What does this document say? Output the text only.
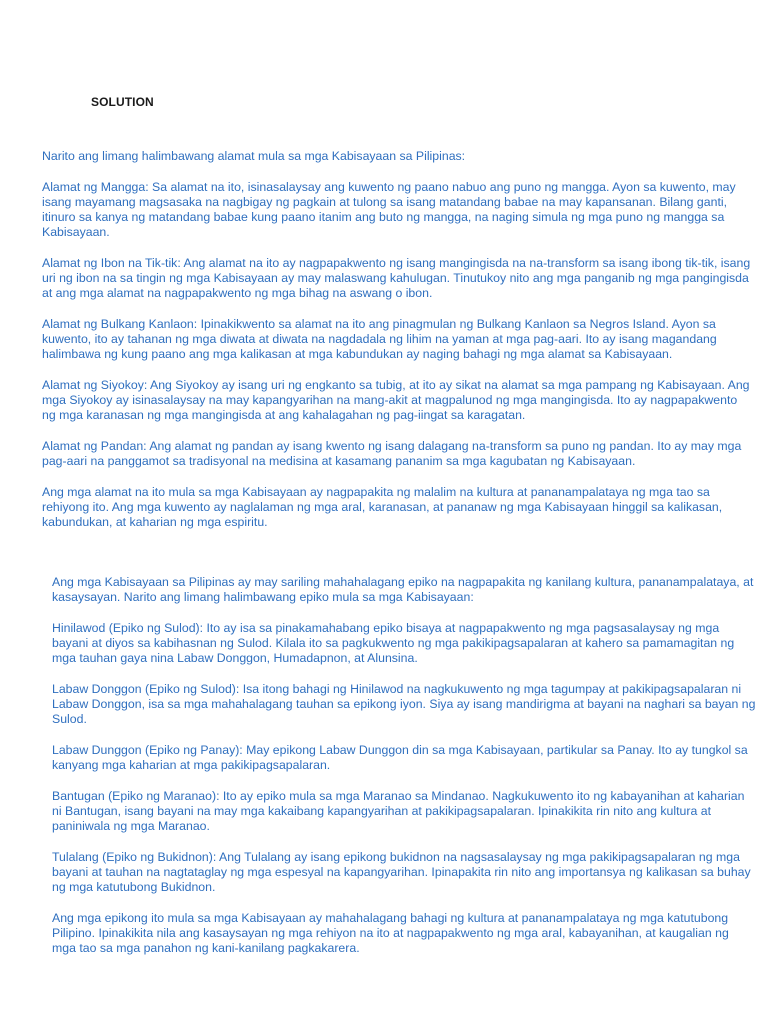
SOLUTION

Narito ang limang halimbawang alamat mula sa mga Kabisayaan sa Pilipinas:

Alamat ng Mangga: Sa alamat na ito, isinasalaysay ang kuwento ng paano nabuo ang puno ng mangga. Ayon sa kuwento, may isang mayamang magsasaka na nagbigay ng pagkain at tulong sa isang matandang babae na may kapansanan. Bilang ganti, itinuro sa kanya ng matandang babae kung paano itanim ang buto ng mangga, na naging simula ng mga puno ng mangga sa Kabisayaan.

Alamat ng Ibon na Tik-tik: Ang alamat na ito ay nagpapakwento ng isang mangingisda na na-transform sa isang ibong tik-tik, isang uri ng ibon na sa tingin ng mga Kabisayaan ay may malaswang kahulugan. Tinutukoy nito ang mga panganib ng mga pangingisda at ang mga alamat na nagpapakwento ng mga bihag na aswang o ibon.

Alamat ng Bulkang Kanlaon: Ipinakikwento sa alamat na ito ang pinagmulan ng Bulkang Kanlaon sa Negros Island. Ayon sa kuwento, ito ay tahanan ng mga diwata at diwata na nagdadala ng lihim na yaman at mga pag-aari. Ito ay isang magandang halimbawa ng kung paano ang mga kalikasan at mga kabundukan ay naging bahagi ng mga alamat sa Kabisayaan.

Alamat ng Siyokoy: Ang Siyokoy ay isang uri ng engkanto sa tubig, at ito ay sikat na alamat sa mga pampang ng Kabisayaan. Ang mga Siyokoy ay isinasalaysay na may kapangyarihan na mang-akit at magpalunod ng mga mangingisda. Ito ay nagpapakwento ng mga karanasan ng mga mangingisda at ang kahalagahan ng pag-iingat sa karagatan.

Alamat ng Pandan: Ang alamat ng pandan ay isang kwento ng isang dalagang na-transform sa puno ng pandan. Ito ay may mga pag-aari na panggamot sa tradisyonal na medisina at kasamang pananim sa mga kagubatan ng Kabisayaan.

Ang mga alamat na ito mula sa mga Kabisayaan ay nagpapakita ng malalim na kultura at pananampalataya ng mga tao sa rehiyong ito. Ang mga kuwento ay naglalaman ng mga aral, karanasan, at pananaw ng mga Kabisayaan hinggil sa kalikasan, kabundukan, at kaharian ng mga espiritu.

Ang mga Kabisayaan sa Pilipinas ay may sariling mahahalagang epiko na nagpapakita ng kanilang kultura, pananampalataya, at kasaysayan. Narito ang limang halimbawang epiko mula sa mga Kabisayaan:

Hinilawod (Epiko ng Sulod): Ito ay isa sa pinakamahabang epiko bisaya at nagpapakwento ng mga pagsasalaysay ng mga bayani at diyos sa kabihasnan ng Sulod. Kilala ito sa pagkukwento ng mga pakikipagsapalaran at kahero sa pamamagitan ng mga tauhan gaya nina Labaw Donggon, Humadapnon, at Alunsina.

Labaw Donggon (Epiko ng Sulod): Isa itong bahagi ng Hinilawod na nagkukuwento ng mga tagumpay at pakikipagsapalaran ni Labaw Donggon, isa sa mga mahahalagang tauhan sa epikong iyon. Siya ay isang mandirigma at bayani na naghari sa bayan ng Sulod.

Labaw Dunggon (Epiko ng Panay): May epikong Labaw Dunggon din sa mga Kabisayaan, partikular sa Panay. Ito ay tungkol sa kanyang mga kaharian at mga pakikipagsapalaran.

Bantugan (Epiko ng Maranao): Ito ay epiko mula sa mga Maranao sa Mindanao. Nagkukuwento ito ng kabayanihan at kaharian ni Bantugan, isang bayani na may mga kakaibang kapangyarihan at pakikipagsapalaran. Ipinakikita rin nito ang kultura at paniniwala ng mga Maranao.

Tulalang (Epiko ng Bukidnon): Ang Tulalang ay isang epikong bukidnon na nagsasalaysay ng mga pakikipagsapalaran ng mga bayani at tauhan na nagtataglay ng mga espesyal na kapangyarihan. Ipinapakita rin nito ang importansya ng kalikasan sa buhay ng mga katutubong Bukidnon.

Ang mga epikong ito mula sa mga Kabisayaan ay mahahalagang bahagi ng kultura at pananampalataya ng mga katutubong Pilipino. Ipinakikita nila ang kasaysayan ng mga rehiyon na ito at nagpapakwento ng mga aral, kabayanihan, at kaugalian ng mga tao sa mga panahon ng kani-kanilang pagkakarera.
